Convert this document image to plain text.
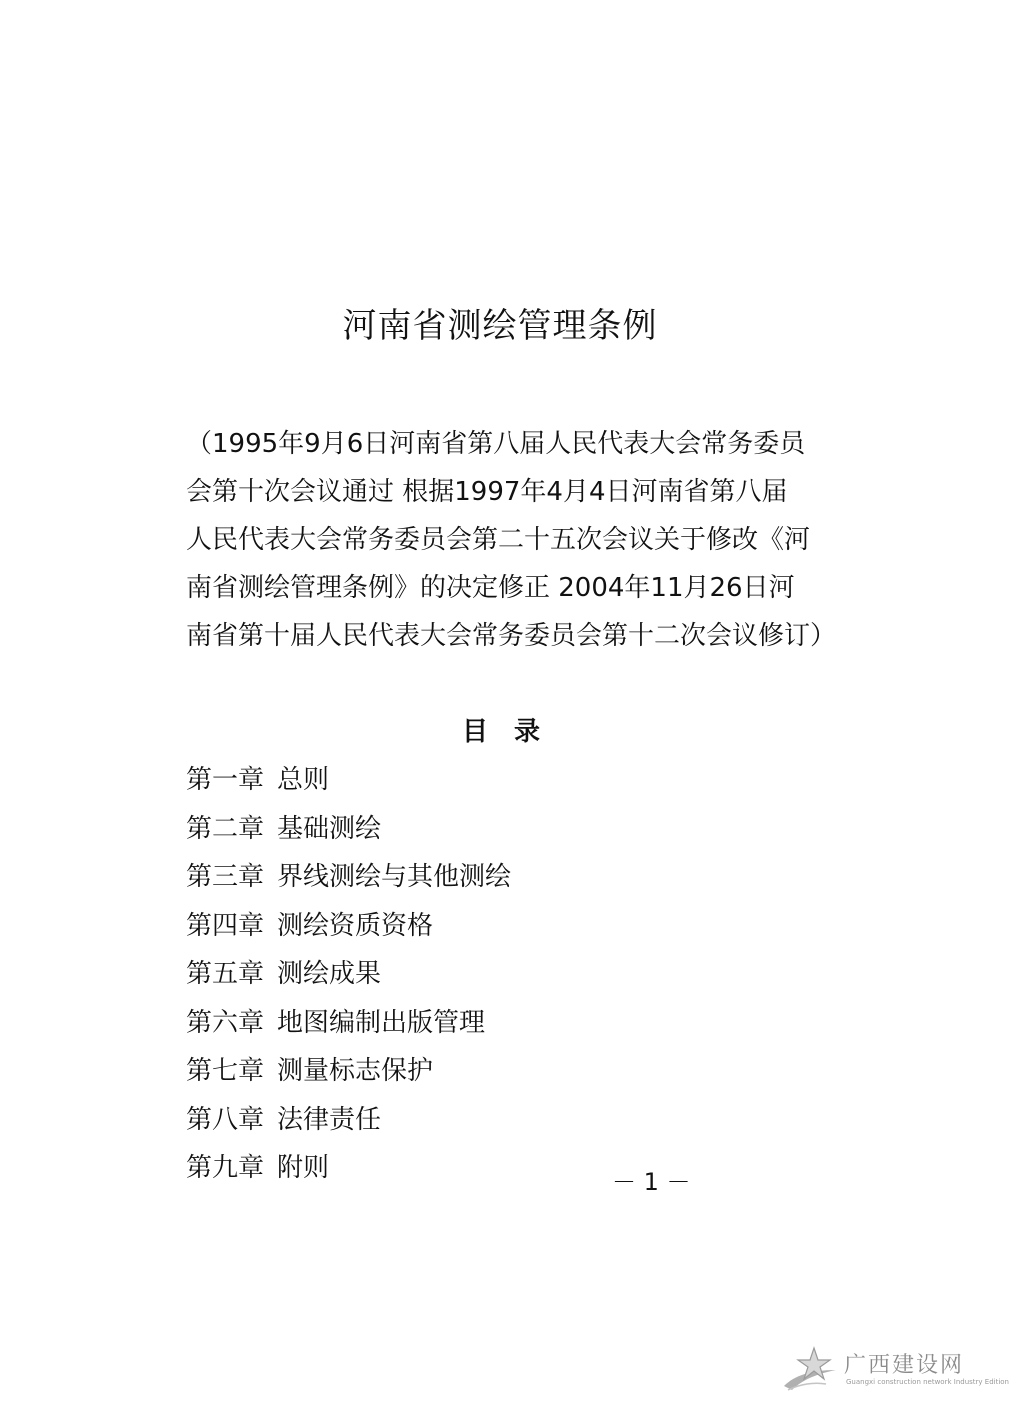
河南省测绘管理条例

（1995年9月6日河南省第八届人民代表大会常务委员
会第十次会议通过 根据1997年4月4日河南省第八届
人民代表大会常务委员会第二十五次会议关于修改《河
南省测绘管理条例》的决定修正 2004年11月26日河
南省第十届人民代表大会常务委员会第十二次会议修订）

目　录
第一章 总则
第二章 基础测绘
第三章 界线测绘与其他测绘
第四章 测绘资质资格
第五章 测绘成果
第六章 地图编制出版管理
第七章 测量标志保护
第八章 法律责任
第九章 附则	－ 1 －
广西建设网
Guangxi construction network Industry Edition
